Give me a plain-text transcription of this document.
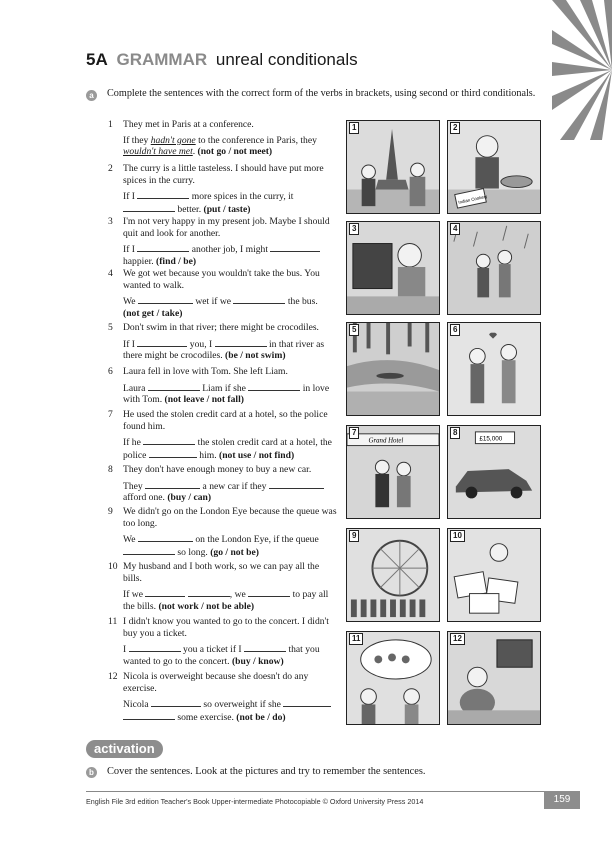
5A GRAMMAR unreal conditionals
a	Complete the sentences with the correct form of the verbs in brackets, using second or third conditionals.
1	They met in Paris at a conference.
If they hadn't gone to the conference in Paris, they wouldn't have met. (not go / not meet)
2	The curry is a little tasteless. I should have put more spices in the curry.
If I	more spices in the curry, it
better. (put / taste)
3	I'm not very happy in my present job. Maybe I should quit and look for another.
If I	another job, I might
happier. (find / be)
4	We got wet because you wouldn't take the bus. You wanted to walk.
We	wet if we	the bus.
(not get / take)
5	Don't swim in that river; there might be crocodiles.
If I	you, I	in that river as there might be crocodiles. (be / not swim)
6	Laura fell in love with Tom. She left Liam.
Laura	Liam if she	in love with Tom. (not leave / not fall)
7	He used the stolen credit card at a hotel, so the police found him.
If he	the stolen credit card at a hotel, the police	him. (not use / not find)
8	They don't have enough money to buy a new car.
They	a new car if they
afford one. (buy / can)
9	We didn't go on the London Eye because the queue was too long.
We	on the London Eye, if the queue
so long. (go / not be)
10 My husband and I both work, so we can pay all the bills.
If we	, we	to pay all the bills. (not work / not be able)
11 I didn't know you wanted to go to the concert. I didn't buy you a ticket.
I	you a ticket if I	that you wanted to go to the concert. (buy / know)
12 Nicola is overweight because she doesn't do any exercise.
Nicola	so overweight if she
some exercise. (not be / do)
1	2
Indian Cookery
3	4
5	6
7
Grand Hotel
8
£15,000
9	10
11	12
activation
b Cover the sentences. Look at the pictures and try to remember the sentences.
English File 3rd edition Teacher's Book Upper-intermediate Photocopiable © Oxford University Press 2014	159
